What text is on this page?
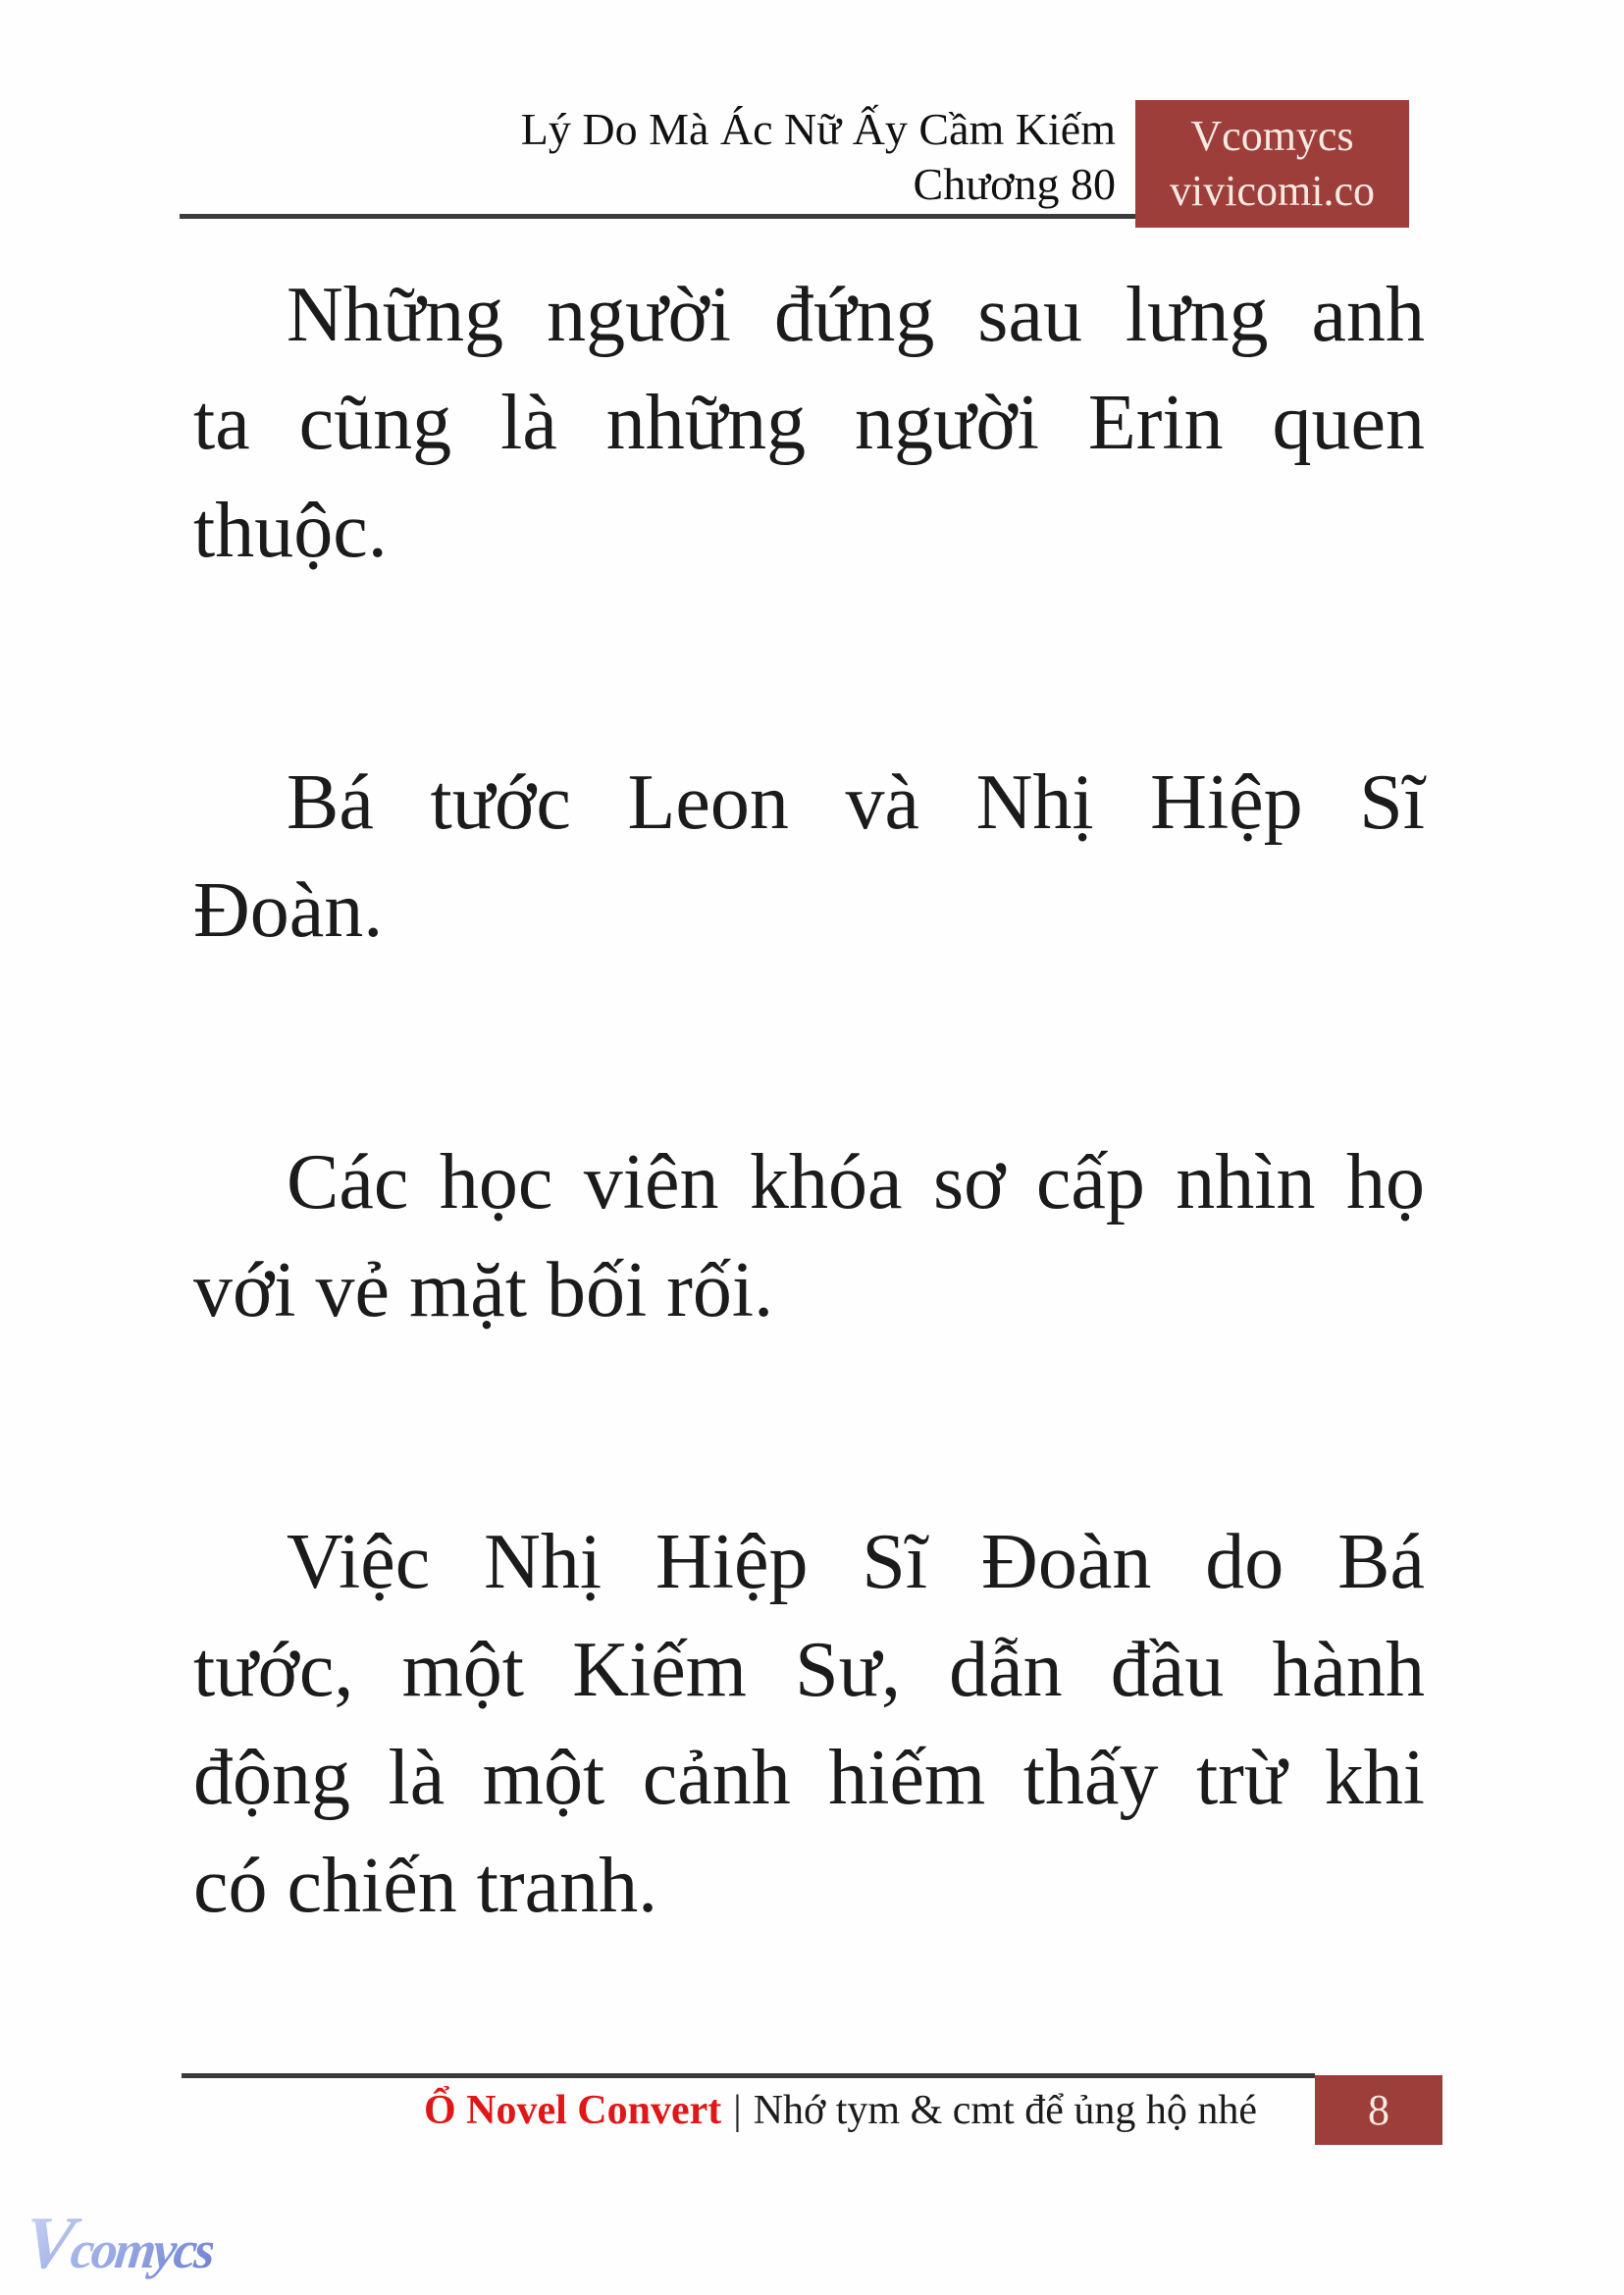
Lý Do Mà Ác Nữ Ấy Cầm Kiếm
Chương 80
Vcomycs
vivicomi.co
Những người đứng sau lưng anh
ta cũng là những người Erin quen
thuộc.
Bá tước Leon và Nhị Hiệp Sĩ
Đoàn.
Các học viên khóa sơ cấp nhìn họ
với vẻ mặt bối rối.
Việc Nhị Hiệp Sĩ Đoàn do Bá
tước, một Kiếm Sư, dẫn đầu hành
động là một cảnh hiếm thấy trừ khi
có chiến tranh.
Ổ Novel Convert | Nhớ tym & cmt để ủng hộ nhé	8
Vcomycs
